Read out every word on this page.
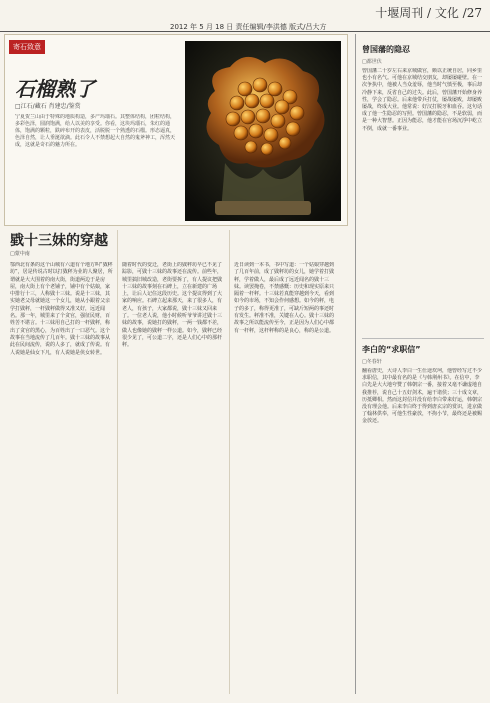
十堰周刊 / 文化 /27
2012 年 5 月 18 日 责任编辑/李洪德 版式/吕大方
寄石致意
石榴熟了
□江石/藏石 肖建忠/鉴赏
宁夏贺兰山由于特殊的地质构造，多产玛瑙石。其整体结构，团粒结构，多彩色泽，圆润饱满，给人以美的享受。你看，这块玛瑙石，朱红的通体，饱满的颗粒，跌碎布开的表皮，活脱脱一个熟透的石榴。形态逼真，色泽自然，让人垂涎欲滴。此石令人不禁想起大自然的鬼斧神工，浑然天成，这就是奇石的魅力所在。
戥十三妹的穿越
□蒙中南
鄂西北有条的这个山城有六道有个地方叫“戥秤坊”，居是传说古时以打戥秤为业的人聚居，所谓就是大大围着的南大街，街道两边于是房屋，南大街上有个老铺子，铺中有个姑娘，家中排行十三，人称戥十三妹。说是十三妹，其实她老父母就她这一个女儿，她从小跟着父亲学打戥秤，一杆戥秤做得又准又好，远近闻名。那一年，城里来了个贪官，强征民财，百姓苦不堪言。十三妹用自己打的一杆戥秤，称出了贪官的黑心，为百姓出了一口恶气。这个故事在当地流传了几百年。戥十三妹的故事从此在民间流传，说的人多了，就成了传说。有人说她是仙女下凡，有人说她是侠女转世。
随着时代的变迁，老街上的戥秤坊早已不见了踪影，可戥十三妹的故事还在流传。前些年，城里搞旧城改造，老街要拆了，有人提议把戥十三妹的故事刻在石碑上，立在新建的广场上，让后人记住这段历史。这个提议得到了大家的响应。石碑立起来那天，来了很多人，有老人，有孩子，大家都说，戥十三妹又回来了。一位老人说，他小时候听爷爷讲过戥十三妹的故事，说她打的戥秤，一两一钱都不差，做人也像她的戥秤一样公道。如今，戥秤已经很少见了，可公道二字，还是人们心中的那杆秤。
近日读到一本书，书中写道：一个姑娘穿越到了几百年前，成了戥秤坊的女儿，她学着打戥秤，学着做人，最后成了远近闻名的戥十三妹。读罢掩卷，不禁感慨：历史和现实原来只隔着一杆秤。十三妹若真能穿越到今天，看到如今的市场，不知会作何感想。如今的秤，电子的多了，称得更准了，可缺斤短两的事还时有发生。秤准不准，关键在人心。戥十三妹的故事之所以能流传至今，正是因为人们心中都有一杆秤，这杆秤称的是良心，称的是公道。
曾国藩的隐忍
□都世伏
曾国藩二十岁左右来京城做官，颇以正统自居，同乡里也小有名气。可他在京城结交朋友，却屡屡碰壁。在一次争执中，他被人当众羞辱，他当时气愤至极，事后却冷静下来，反省自己的过失。此后，曾国藩开始修身养性，学会了隐忍。后来他带兵打仗，屡战屡败，却屡败屡战，终成大业。他常说：好汉打脱牙和血吞。这句话成了他一生隐忍的写照。曾国藩的隐忍，不是软弱，而是一种大智慧。正因为能忍，他才能在官场沉浮中屹立不倒，成就一番事业。
李白的“求职信”
□冬春轩
翻看唐史，大诗人李白一生仕途坎坷，他曾经写过不少求职信，其中最有名的是《与韩荆州书》。在信中，李白先是大大地夸赞了韩朝宗一番，接着又毫不谦虚地自我推荐，说自己十五好剑术，遍干诸侯；三十成文章，历抵卿相。然而这封信并没有给李白带来好运，韩朝宗没有理会他。后来李白终于得到唐玄宗的赏识，进京做了翰林供奉，可他生性豪放，不拘小节，最终还是被赐金放还。
